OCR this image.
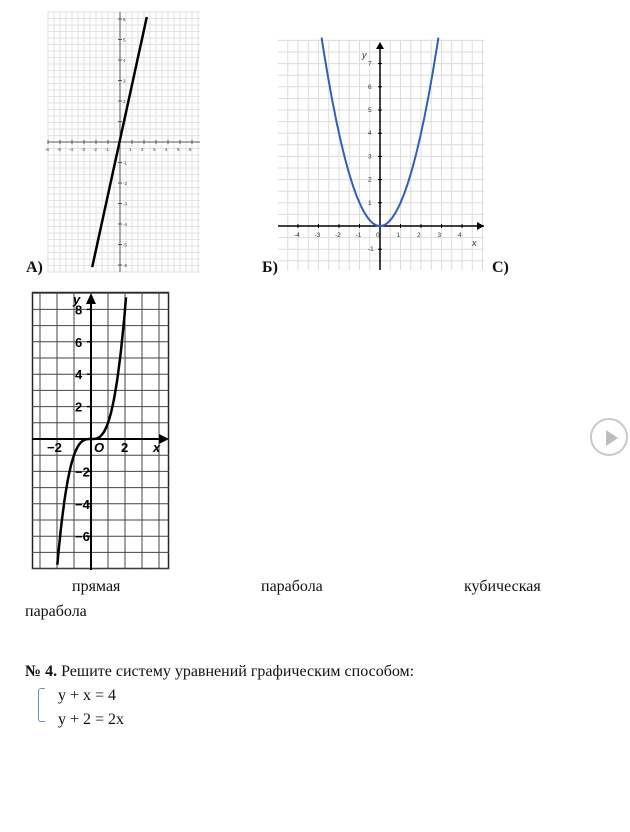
-6 -5 -4 -3 -2 -1	1 2 3 4 5 6
6
5
4
3
2
1
-1
-2
-3
-4
-5
-6
А)
x
y
-4 -3 -2 -1 0	1	2	3	4
7
6
5
4
3
2
1
-1
Б)	С)
x
y
−2 O 2
8
6
4
2
−2
−4
−6
прямая	парабола	кубическая
парабола
№ 4. Решите систему уравнений графическим способом:
y + x = 4
y + 2 = 2x
